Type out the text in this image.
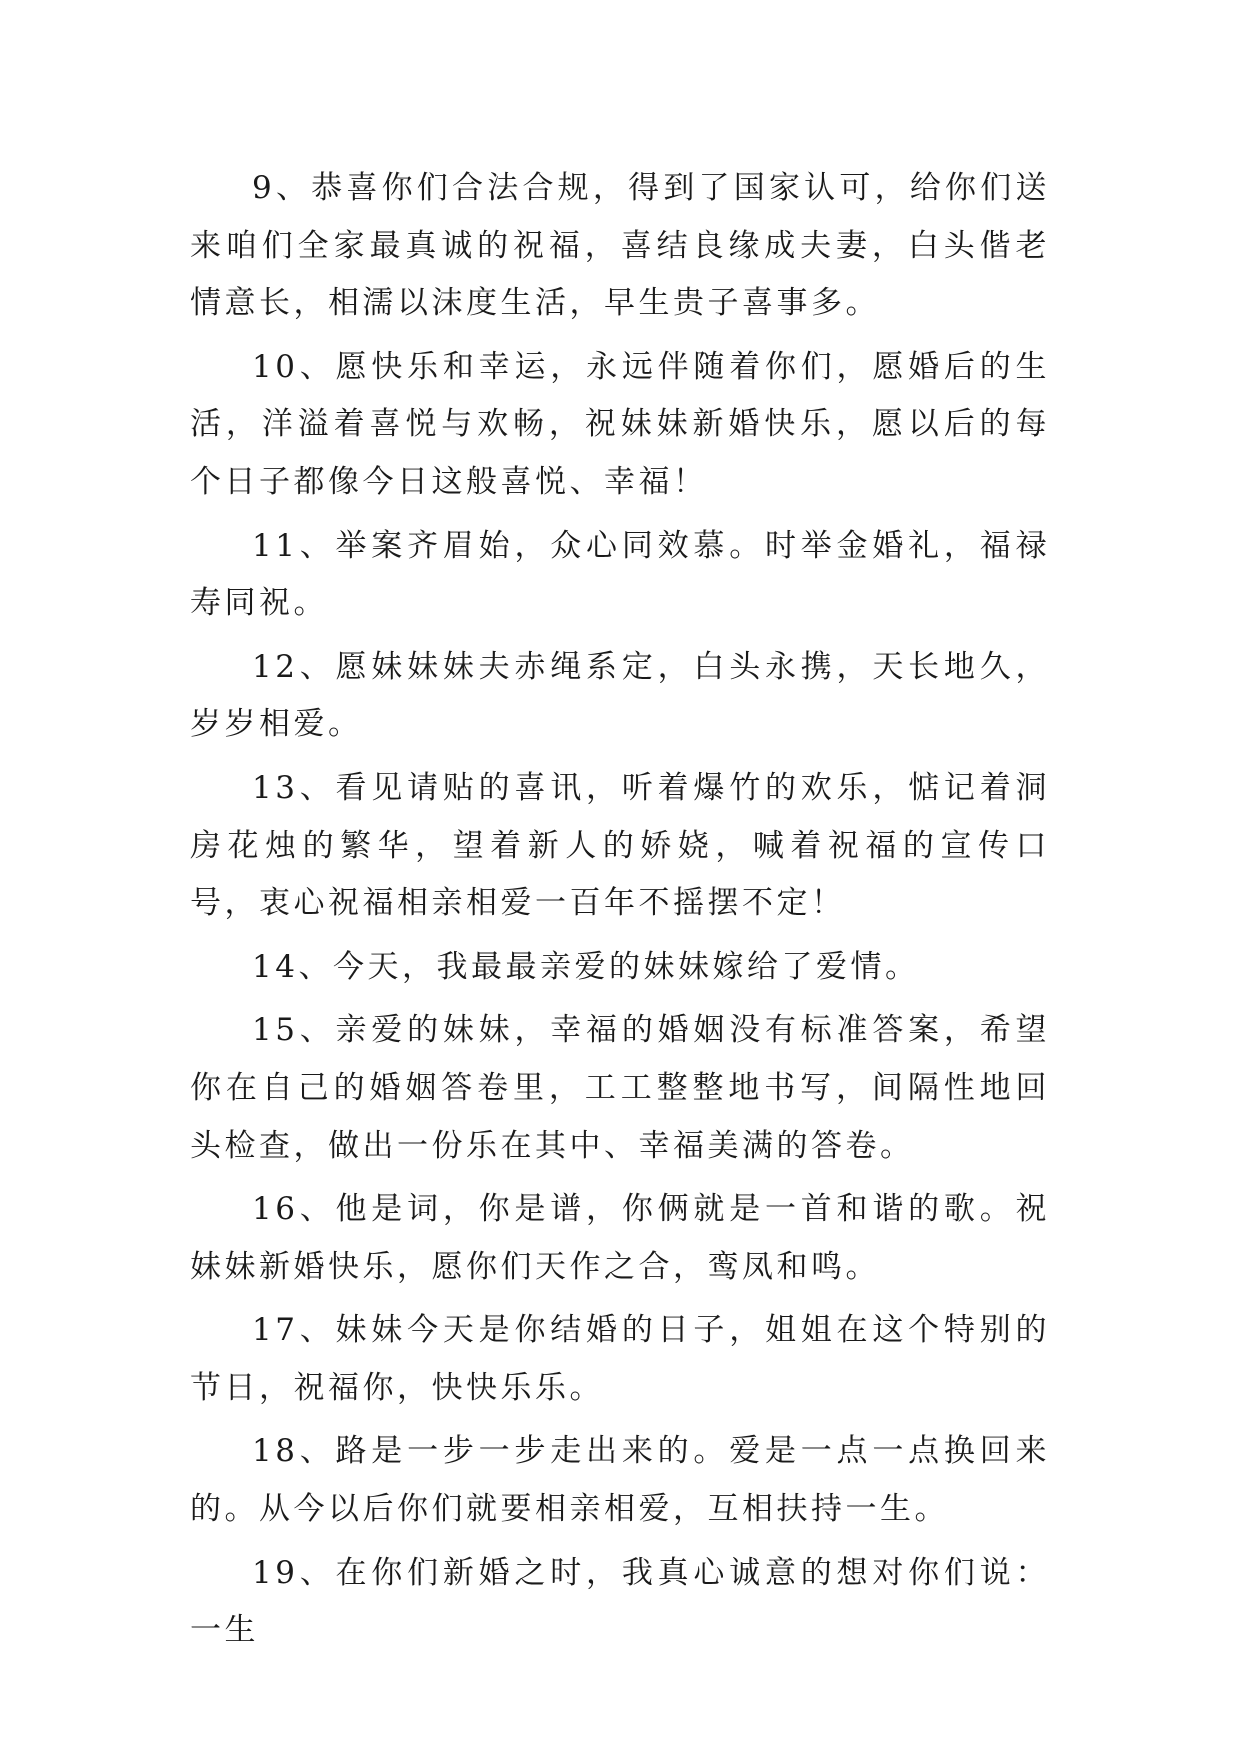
9、恭喜你们合法合规，得到了国家认可，给你们送来咱们全家最真诚的祝福，喜结良缘成夫妻，白头偕老情意长，相濡以沫度生活，早生贵子喜事多。

10、愿快乐和幸运，永远伴随着你们，愿婚后的生活，洋溢着喜悦与欢畅，祝妹妹新婚快乐，愿以后的每个日子都像今日这般喜悦、幸福！

11、举案齐眉始，众心同效慕。时举金婚礼，福禄寿同祝。

12、愿妹妹妹夫赤绳系定，白头永携，天长地久，岁岁相爱。

13、看见请贴的喜讯，听着爆竹的欢乐，惦记着洞房花烛的繁华，望着新人的娇娆，喊着祝福的宣传口号，衷心祝福相亲相爱一百年不摇摆不定！

14、今天，我最最亲爱的妹妹嫁给了爱情。

15、亲爱的妹妹，幸福的婚姻没有标准答案，希望你在自己的婚姻答卷里，工工整整地书写，间隔性地回头检查，做出一份乐在其中、幸福美满的答卷。

16、他是词，你是谱，你俩就是一首和谐的歌。祝妹妹新婚快乐，愿你们天作之合，鸾凤和鸣。

17、妹妹今天是你结婚的日子，姐姐在这个特别的节日，祝福你，快快乐乐。

18、路是一步一步走出来的。爱是一点一点换回来的。从今以后你们就要相亲相爱，互相扶持一生。

19、在你们新婚之时，我真心诚意的想对你们说：一生
